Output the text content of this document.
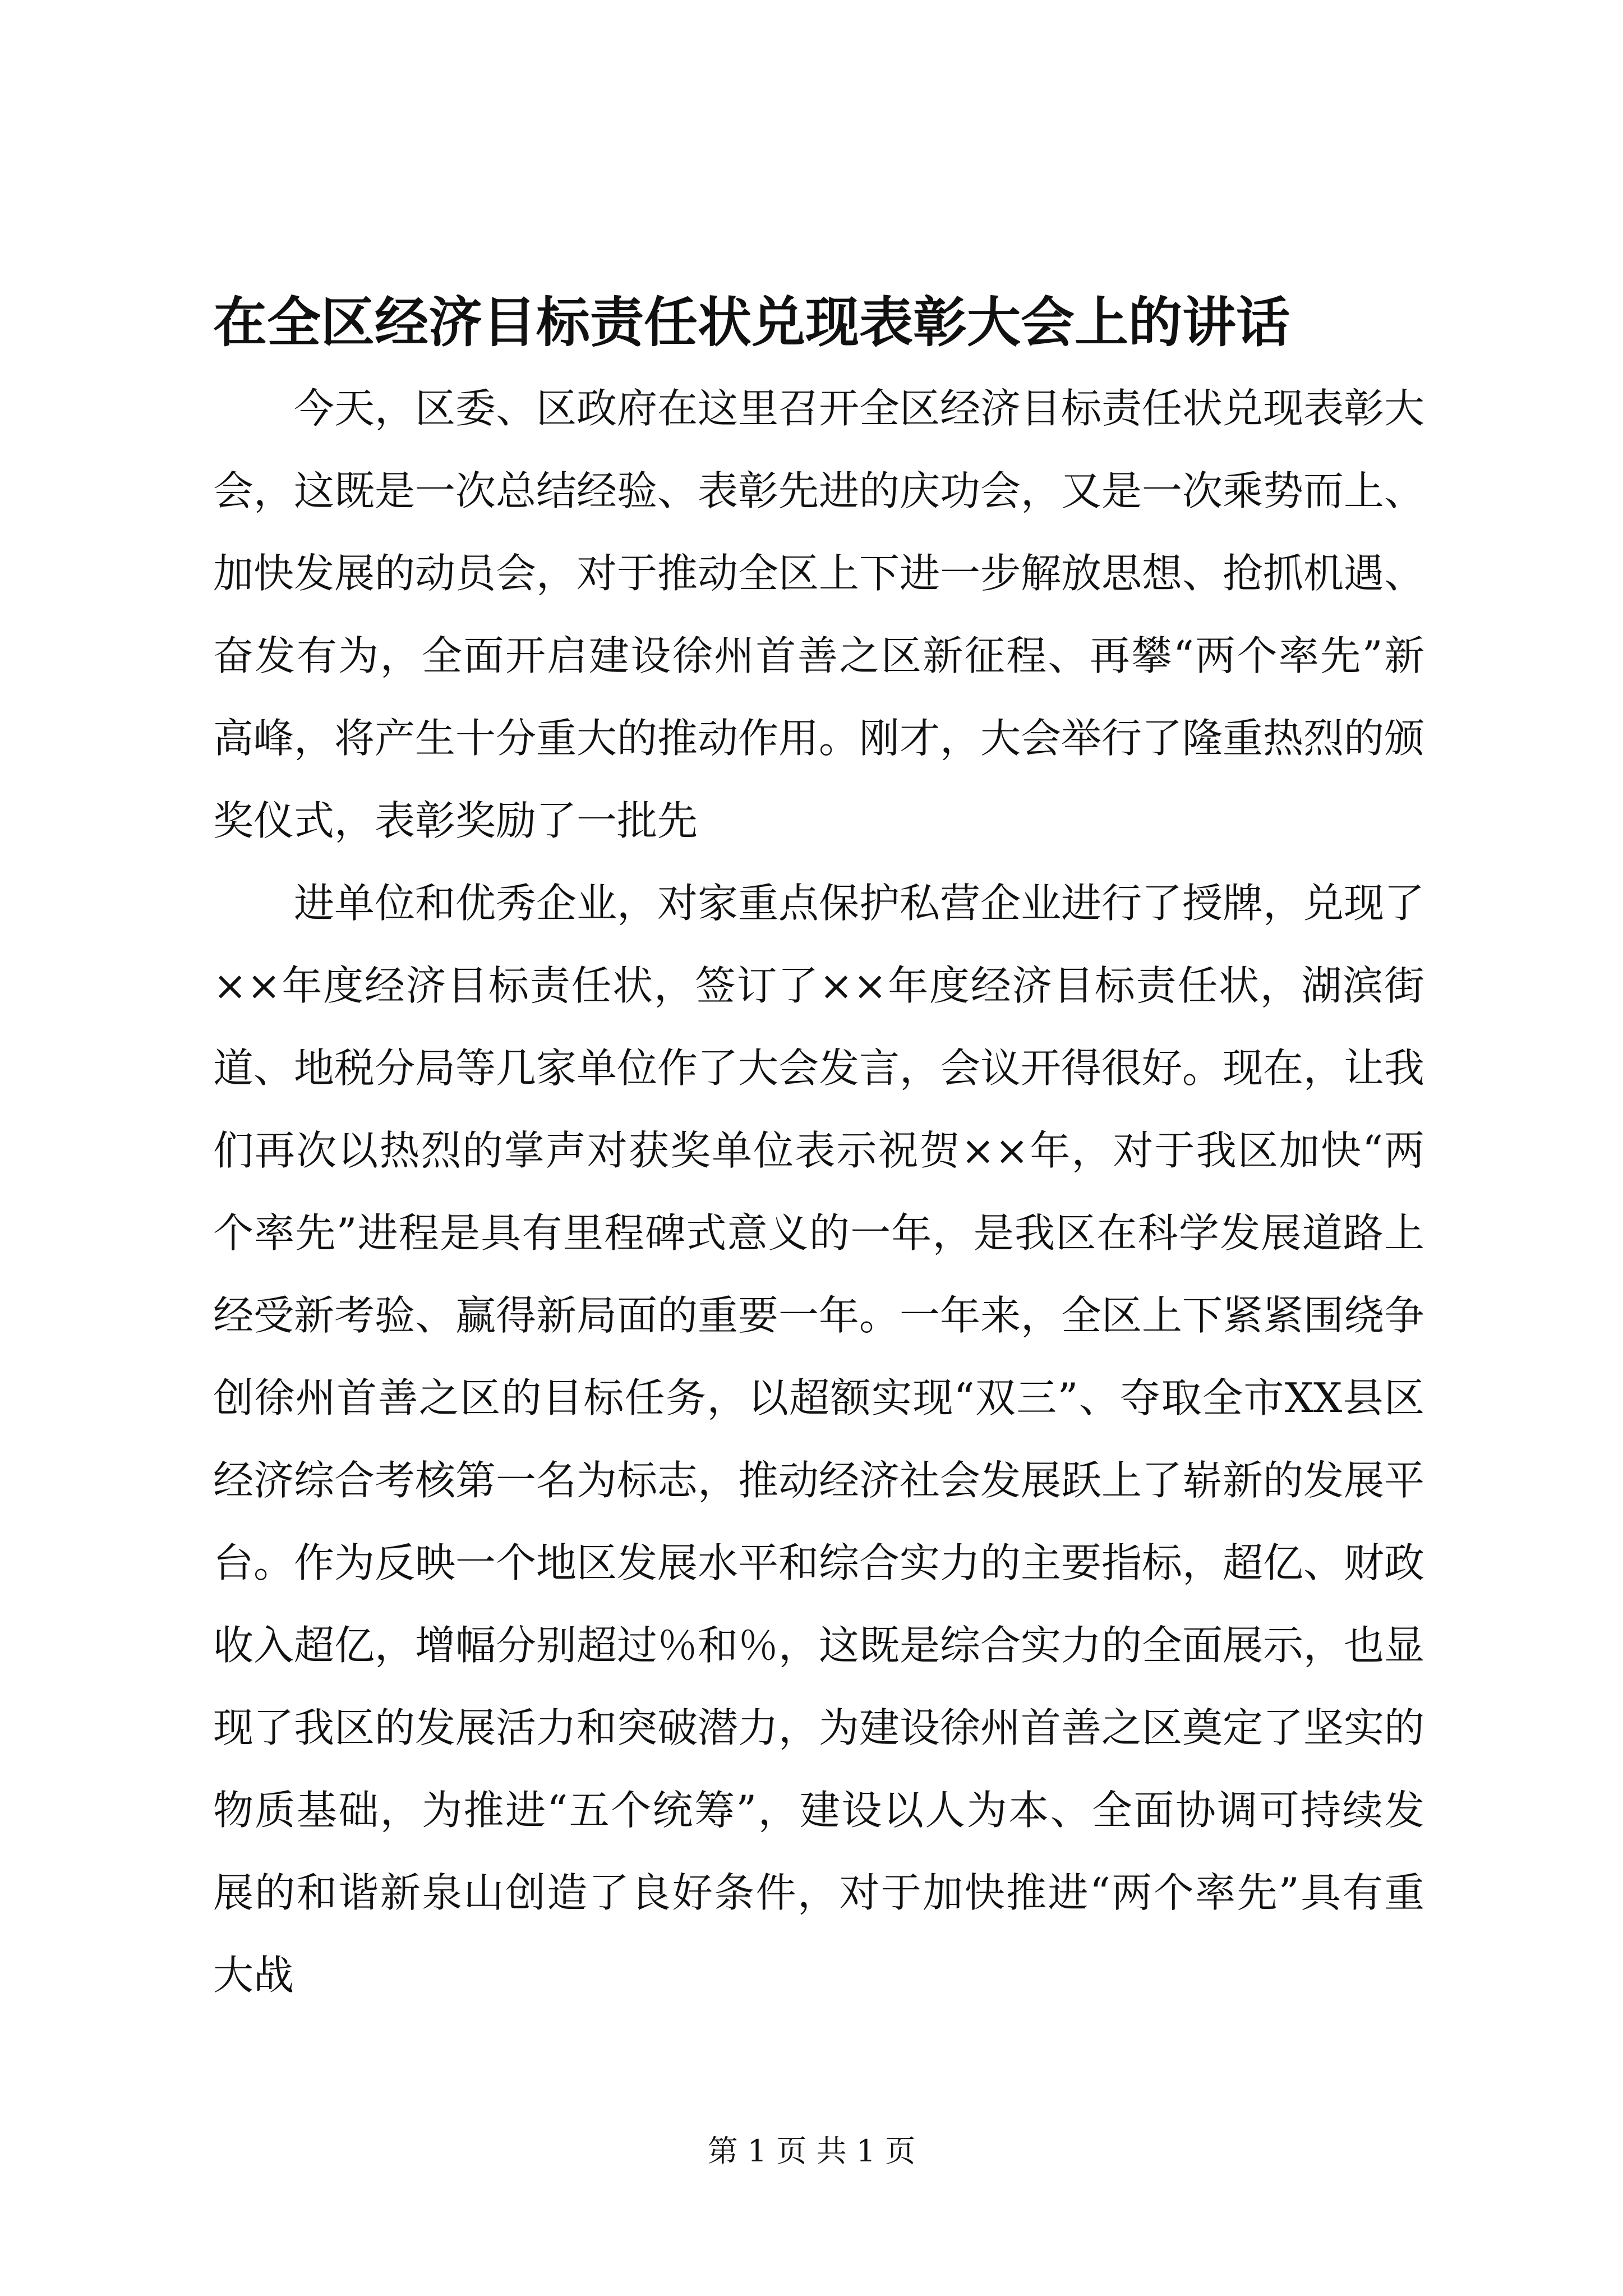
在全区经济目标责任状兑现表彰大会上的讲话

今天，区委、区政府在这里召开全区经济目标责任状兑现表彰大会，这既是一次总结经验、表彰先进的庆功会，又是一次乘势而上、加快发展的动员会，对于推动全区上下进一步解放思想、抢抓机遇、奋发有为，全面开启建设徐州首善之区新征程、再攀“两个率先”新高峰，将产生十分重大的推动作用。刚才，大会举行了隆重热烈的颁奖仪式，表彰奖励了一批先

进单位和优秀企业，对家重点保护私营企业进行了授牌，兑现了××年度经济目标责任状，签订了××年度经济目标责任状，湖滨街道、地税分局等几家单位作了大会发言，会议开得很好。现在，让我们再次以热烈的掌声对获奖单位表示祝贺××年，对于我区加快“两个率先”进程是具有里程碑式意义的一年，是我区在科学发展道路上经受新考验、赢得新局面的重要一年。一年来，全区上下紧紧围绕争创徐州首善之区的目标任务，以超额实现“双三”、夺取全市XX县区经济综合考核第一名为标志，推动经济社会发展跃上了崭新的发展平台。作为反映一个地区发展水平和综合实力的主要指标，超亿、财政收入超亿，增幅分别超过％和％，这既是综合实力的全面展示，也显现了我区的发展活力和突破潜力，为建设徐州首善之区奠定了坚实的物质基础，为推进“五个统筹”，建设以人为本、全面协调可持续发展的和谐新泉山创造了良好条件，对于加快推进“两个率先”具有重大战

第 1 页 共 1 页
